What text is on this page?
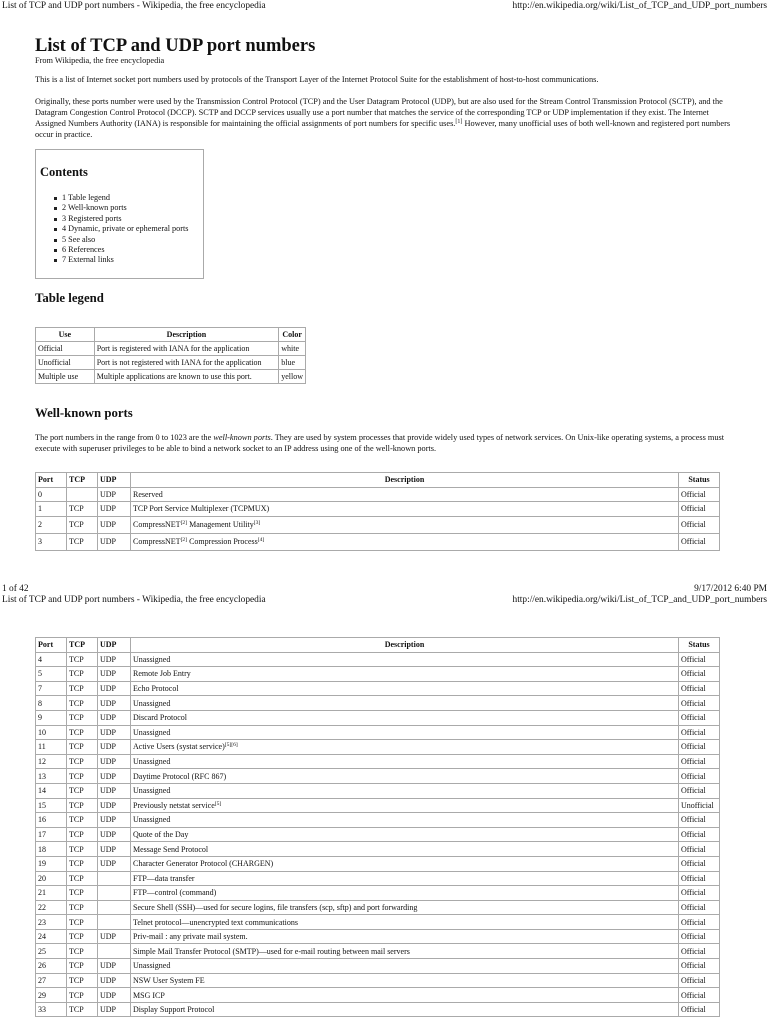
List of TCP and UDP port numbers - Wikipedia, the free encyclopedia	http://en.wikipedia.org/wiki/List_of_TCP_and_UDP_port_numbers
List of TCP and UDP port numbers
From Wikipedia, the free encyclopedia

This is a list of Internet socket port numbers used by protocols of the Transport Layer of the Internet Protocol Suite for the establishment of host-to-host communications.

Originally, these ports number were used by the Transmission Control Protocol (TCP) and the User Datagram Protocol (UDP), but are also used for the Stream Control Transmission Protocol (SCTP), and the Datagram Congestion Control Protocol (DCCP). SCTP and DCCP services usually use a port number that matches the service of the corresponding TCP or UDP implementation if they exist. The Internet Assigned Numbers Authority (IANA) is responsible for maintaining the official assignments of port numbers for specific uses.[1] However, many unofficial uses of both well-known and registered port numbers occur in practice.

Contents
1 Table legend
2 Well-known ports
3 Registered ports
4 Dynamic, private or ephemeral ports
5 See also
6 References
7 External links
Table legend
Use	Description	Color
Official	Port is registered with IANA for the application	white
Unofficial	Port is not registered with IANA for the application	blue
Multiple use	Multiple applications are known to use this port.	yellow
Well-known ports

The port numbers in the range from 0 to 1023 are the well-known ports. They are used by system processes that provide widely used types of network services. On Unix-like operating systems, a process must execute with superuser privileges to be able to bind a network socket to an IP address using one of the well-known ports.

Port	TCP	UDP	Description	Status
0		UDP	Reserved	Official
1	TCP	UDP	TCP Port Service Multiplexer (TCPMUX)	Official
2	TCP	UDP	CompressNET[2] Management Utility[3]	Official
3	TCP	UDP	CompressNET[2] Compression Process[4]	Official
1 of 42	9/17/2012 6:40 PM
List of TCP and UDP port numbers - Wikipedia, the free encyclopedia	http://en.wikipedia.org/wiki/List_of_TCP_and_UDP_port_numbers
Port	TCP	UDP	Description	Status
4	TCP	UDP	Unassigned	Official
5	TCP	UDP	Remote Job Entry	Official
7	TCP	UDP	Echo Protocol	Official
8	TCP	UDP	Unassigned	Official
9	TCP	UDP	Discard Protocol	Official
10	TCP	UDP	Unassigned	Official
11	TCP	UDP	Active Users (systat service)[5][6]	Official
12	TCP	UDP	Unassigned	Official
13	TCP	UDP	Daytime Protocol (RFC 867)	Official
14	TCP	UDP	Unassigned	Official
15	TCP	UDP	Previously netstat service[5]	Unofficial
16	TCP	UDP	Unassigned	Official
17	TCP	UDP	Quote of the Day	Official
18	TCP	UDP	Message Send Protocol	Official
19	TCP	UDP	Character Generator Protocol (CHARGEN)	Official
20	TCP		FTP—data transfer	Official
21	TCP		FTP—control (command)	Official
22	TCP		Secure Shell (SSH)—used for secure logins, file transfers (scp, sftp) and port forwarding	Official
23	TCP		Telnet protocol—unencrypted text communications	Official
24	TCP	UDP	Priv-mail : any private mail system.	Official
25	TCP		Simple Mail Transfer Protocol (SMTP)—used for e-mail routing between mail servers	Official
26	TCP	UDP	Unassigned	Official
27	TCP	UDP	NSW User System FE	Official
29	TCP	UDP	MSG ICP	Official
33	TCP	UDP	Display Support Protocol	Official
